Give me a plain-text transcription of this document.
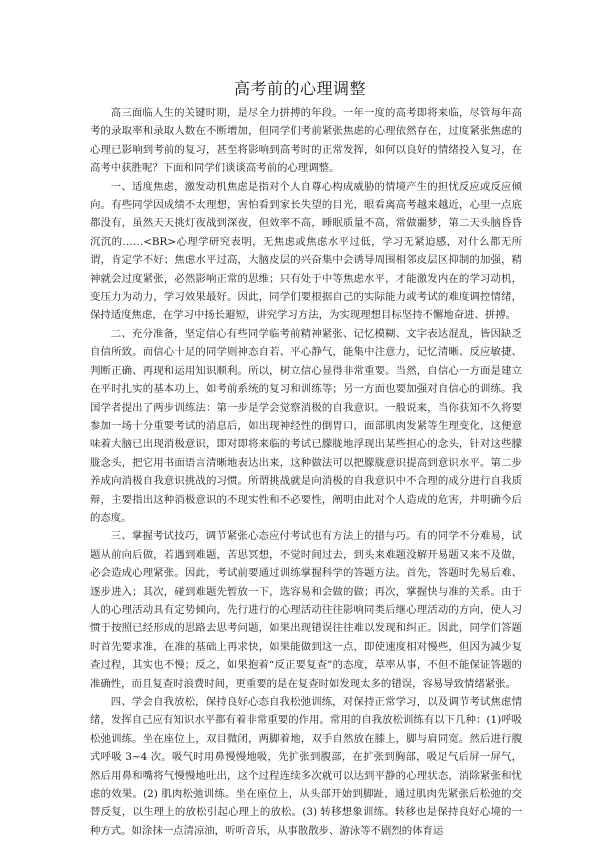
高考前的心理调整

高三面临人生的关键时期，是尽全力拼搏的年段。一年一度的高考即将来临，尽管每年高考的录取率和录取人数在不断增加，但同学们考前紧张焦虑的心理依然存在，过度紧张焦虑的心理已影响到考前的复习，甚至将影响到高考时的正常发挥，如何以良好的情绪投入复习，在高考中获胜呢？下面和同学们谈谈高考前的心理调整。

一、适度焦虑，激发动机焦虑是指对个人自尊心构成威胁的情境产生的担忧反应或反应倾向。有些同学因成绩不太理想，害怕看到家长失望的目光，眼看离高考越来越近，心里一点底都没有，虽然天天挑灯夜战到深夜，但效率不高，睡眠质量不高，常做噩梦，第二天头脑昏昏沉沉的……<BR>心理学研究表明，无焦虑或焦虑水平过低，学习无紧迫感，对什么都无所谓，肯定学不好；焦虑水平过高，大脑皮层的兴奋集中会诱导周围相邻皮层区抑制的加强，精神就会过度紧张，必然影响正常的思维；只有处于中等焦虑水平，才能激发内在的学习动机，变压力为动力，学习效果最好。因此，同学们要根据自己的实际能力或考试的难度调控情绪，保持适度焦虑，在学习中扬长避短，讲究学习方法，为实现理想目标坚持不懈地奋进、拼搏。

二、充分准备，坚定信心有些同学临考前精神紧张、记忆模糊、文字表达混乱，皆因缺乏自信所致。而信心十足的同学则神态自若、平心静气，能集中注意力，记忆清晰、反应敏捷、判断正确、再现和运用知识顺利。所以，树立信心显得非常重要。当然，自信心一方面是建立在平时扎实的基本功上，如考前系统的复习和训练等；另一方面也要加强对自信心的训练。我国学者提出了两步训练法：第一步是学会觉察消极的自我意识。一般说来，当你获知不久将要参加一场十分重要考试的消息后，如出现神经性的倒胃口，面部肌肉发紧等生理变化，这便意味着大脑已出现消极意识，即对即将来临的考试已朦胧地浮现出某些担心的念头，针对这些朦胧念头，把它用书面语言清晰地表达出来，这种做法可以把朦胧意识提高到意识水平。第二步养成向消极自我意识挑战的习惯。所谓挑战就是向消极的自我意识中不合理的成分进行自我质辩，主要指出这种消极意识的不现实性和不必要性，阐明由此对个人造成的危害，并明确今后的态度。

三、掌握考试技巧，调节紧张心态应付考试也有方法上的措与巧。有的同学不分难易，试题从前向后做，若遇到难题，苦思冥想，不觉时间过去，到头来难题没解开易题又来不及做，必会造成心理紧张。因此，考试前要通过训练掌握科学的答题方法。首先，答题时先易后难、逐步进入；其次，碰到难题先暂放一下，选容易和会做的做；再次，掌握快与准的关系。由于人的心理活动具有定势倾向，先行进行的心理活动往往影响同类后继心理活动的方向，使人习惯于按照已经形成的思路去思考问题，如果出现错误往往难以发现和纠正。因此，同学们答题时首先要求准，在准的基础上再求快，如果能做到这一点，即使速度相对慢些，但因为减少复查过程，其实也不慢；反之，如果抱着“反正要复查”的态度，草率从事，不但不能保证答题的准确性，而且复查时浪费时间，更重要的是在复查时如发现太多的错误，容易导致情绪紧张。

四、学会自我放松，保持良好心态自我松弛训练，对保持正常学习，以及调节考试焦虑情绪，发挥自己应有知识水平都有着非常重要的作用。常用的自我放松训练有以下几种：(1)呼吸松弛训练。坐在座位上，双目微闭，两脚着地，双手自然放在膝上，脚与肩同宽。然后进行腹式呼吸 3~4 次。吸气时用鼻慢慢地吸，先扩张到腹部，在扩张到胸部，吸足气后屏一屏气，然后用鼻和嘴将气慢慢地吐出，这个过程连续多次就可以达到平静的心理状态，消除紧张和忧虑的效果。(2) 肌肉松弛训练。坐在座位上，从头部开始到脚趾，通过肌肉先紧张后松弛的交替反复，以生理上的放松引起心理上的放松。(3) 转移想象训练。转移也是保持良好心境的一种方式。如涂抹一点清凉油，听听音乐，从事散散步、游泳等不剧烈的体育运
